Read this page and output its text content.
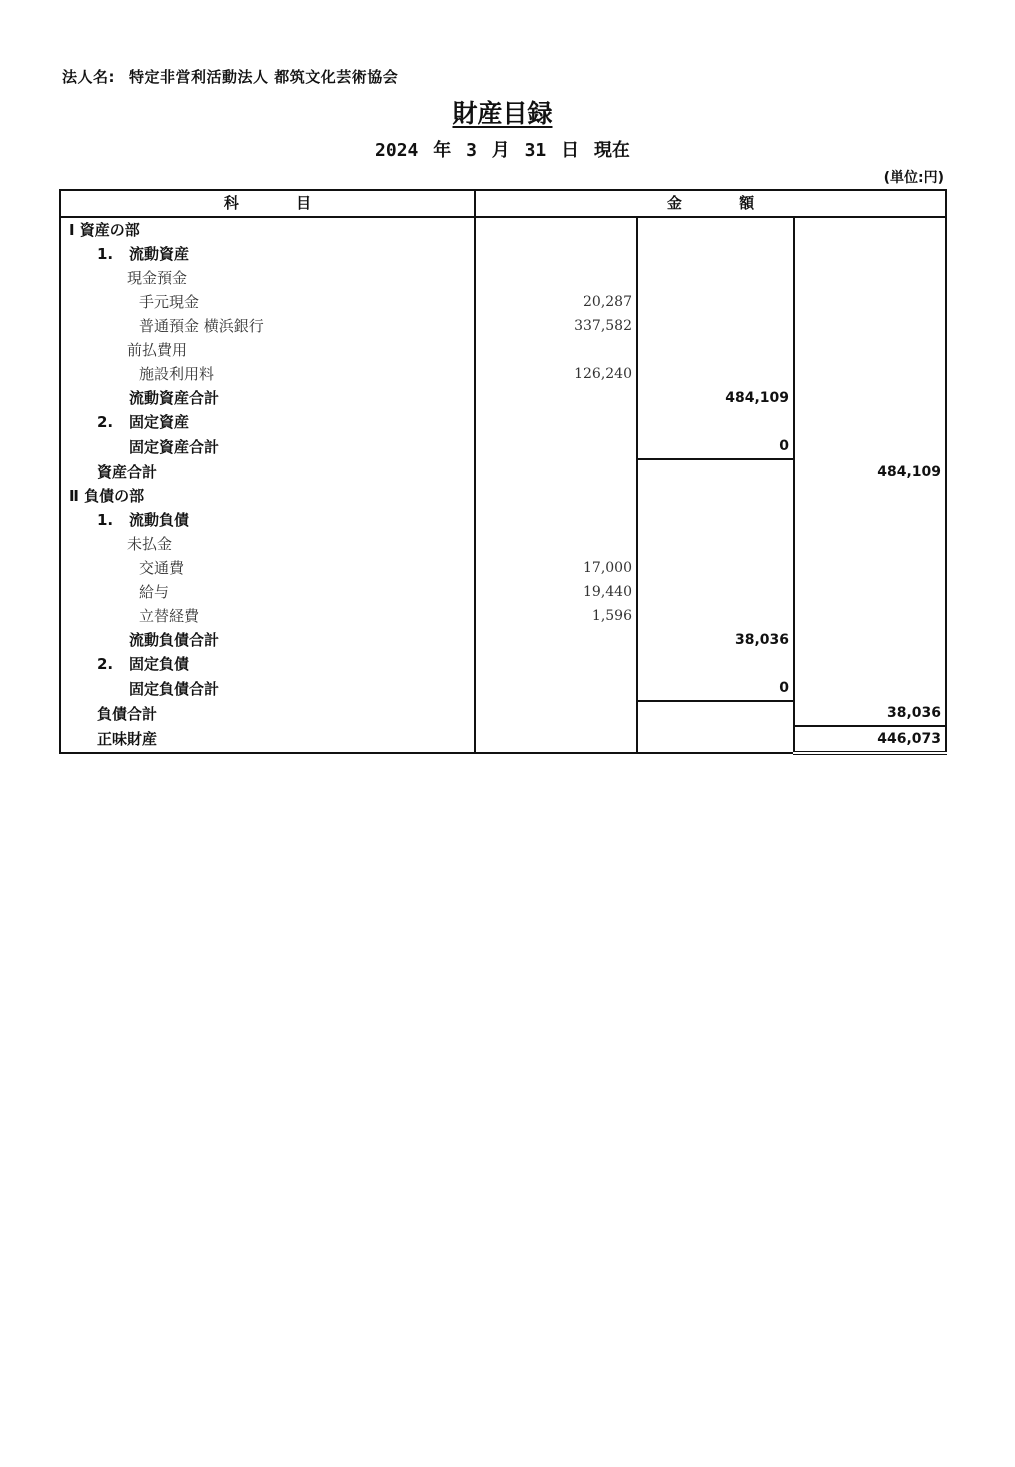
法人名: 特定非営利活動法人 都筑文化芸術協会
財産目録
2024 年 3 月 31 日 現在
(単位:円)
科 目	金 額		
Ⅰ 資産の部			
1. 流動資産			
現金預金			
手元現金	20,287		
普通預金 横浜銀行	337,582		
前払費用			
施設利用料	126,240		
流動資産合計		484,109	
2. 固定資産			
固定資産合計		0	
資産合計			484,109
Ⅱ 負債の部			
1. 流動負債			
未払金			
交通費	17,000		
給与	19,440		
立替経費	1,596		
流動負債合計		38,036	
2. 固定負債			
固定負債合計		0	
負債合計			38,036
正味財産			446,073
